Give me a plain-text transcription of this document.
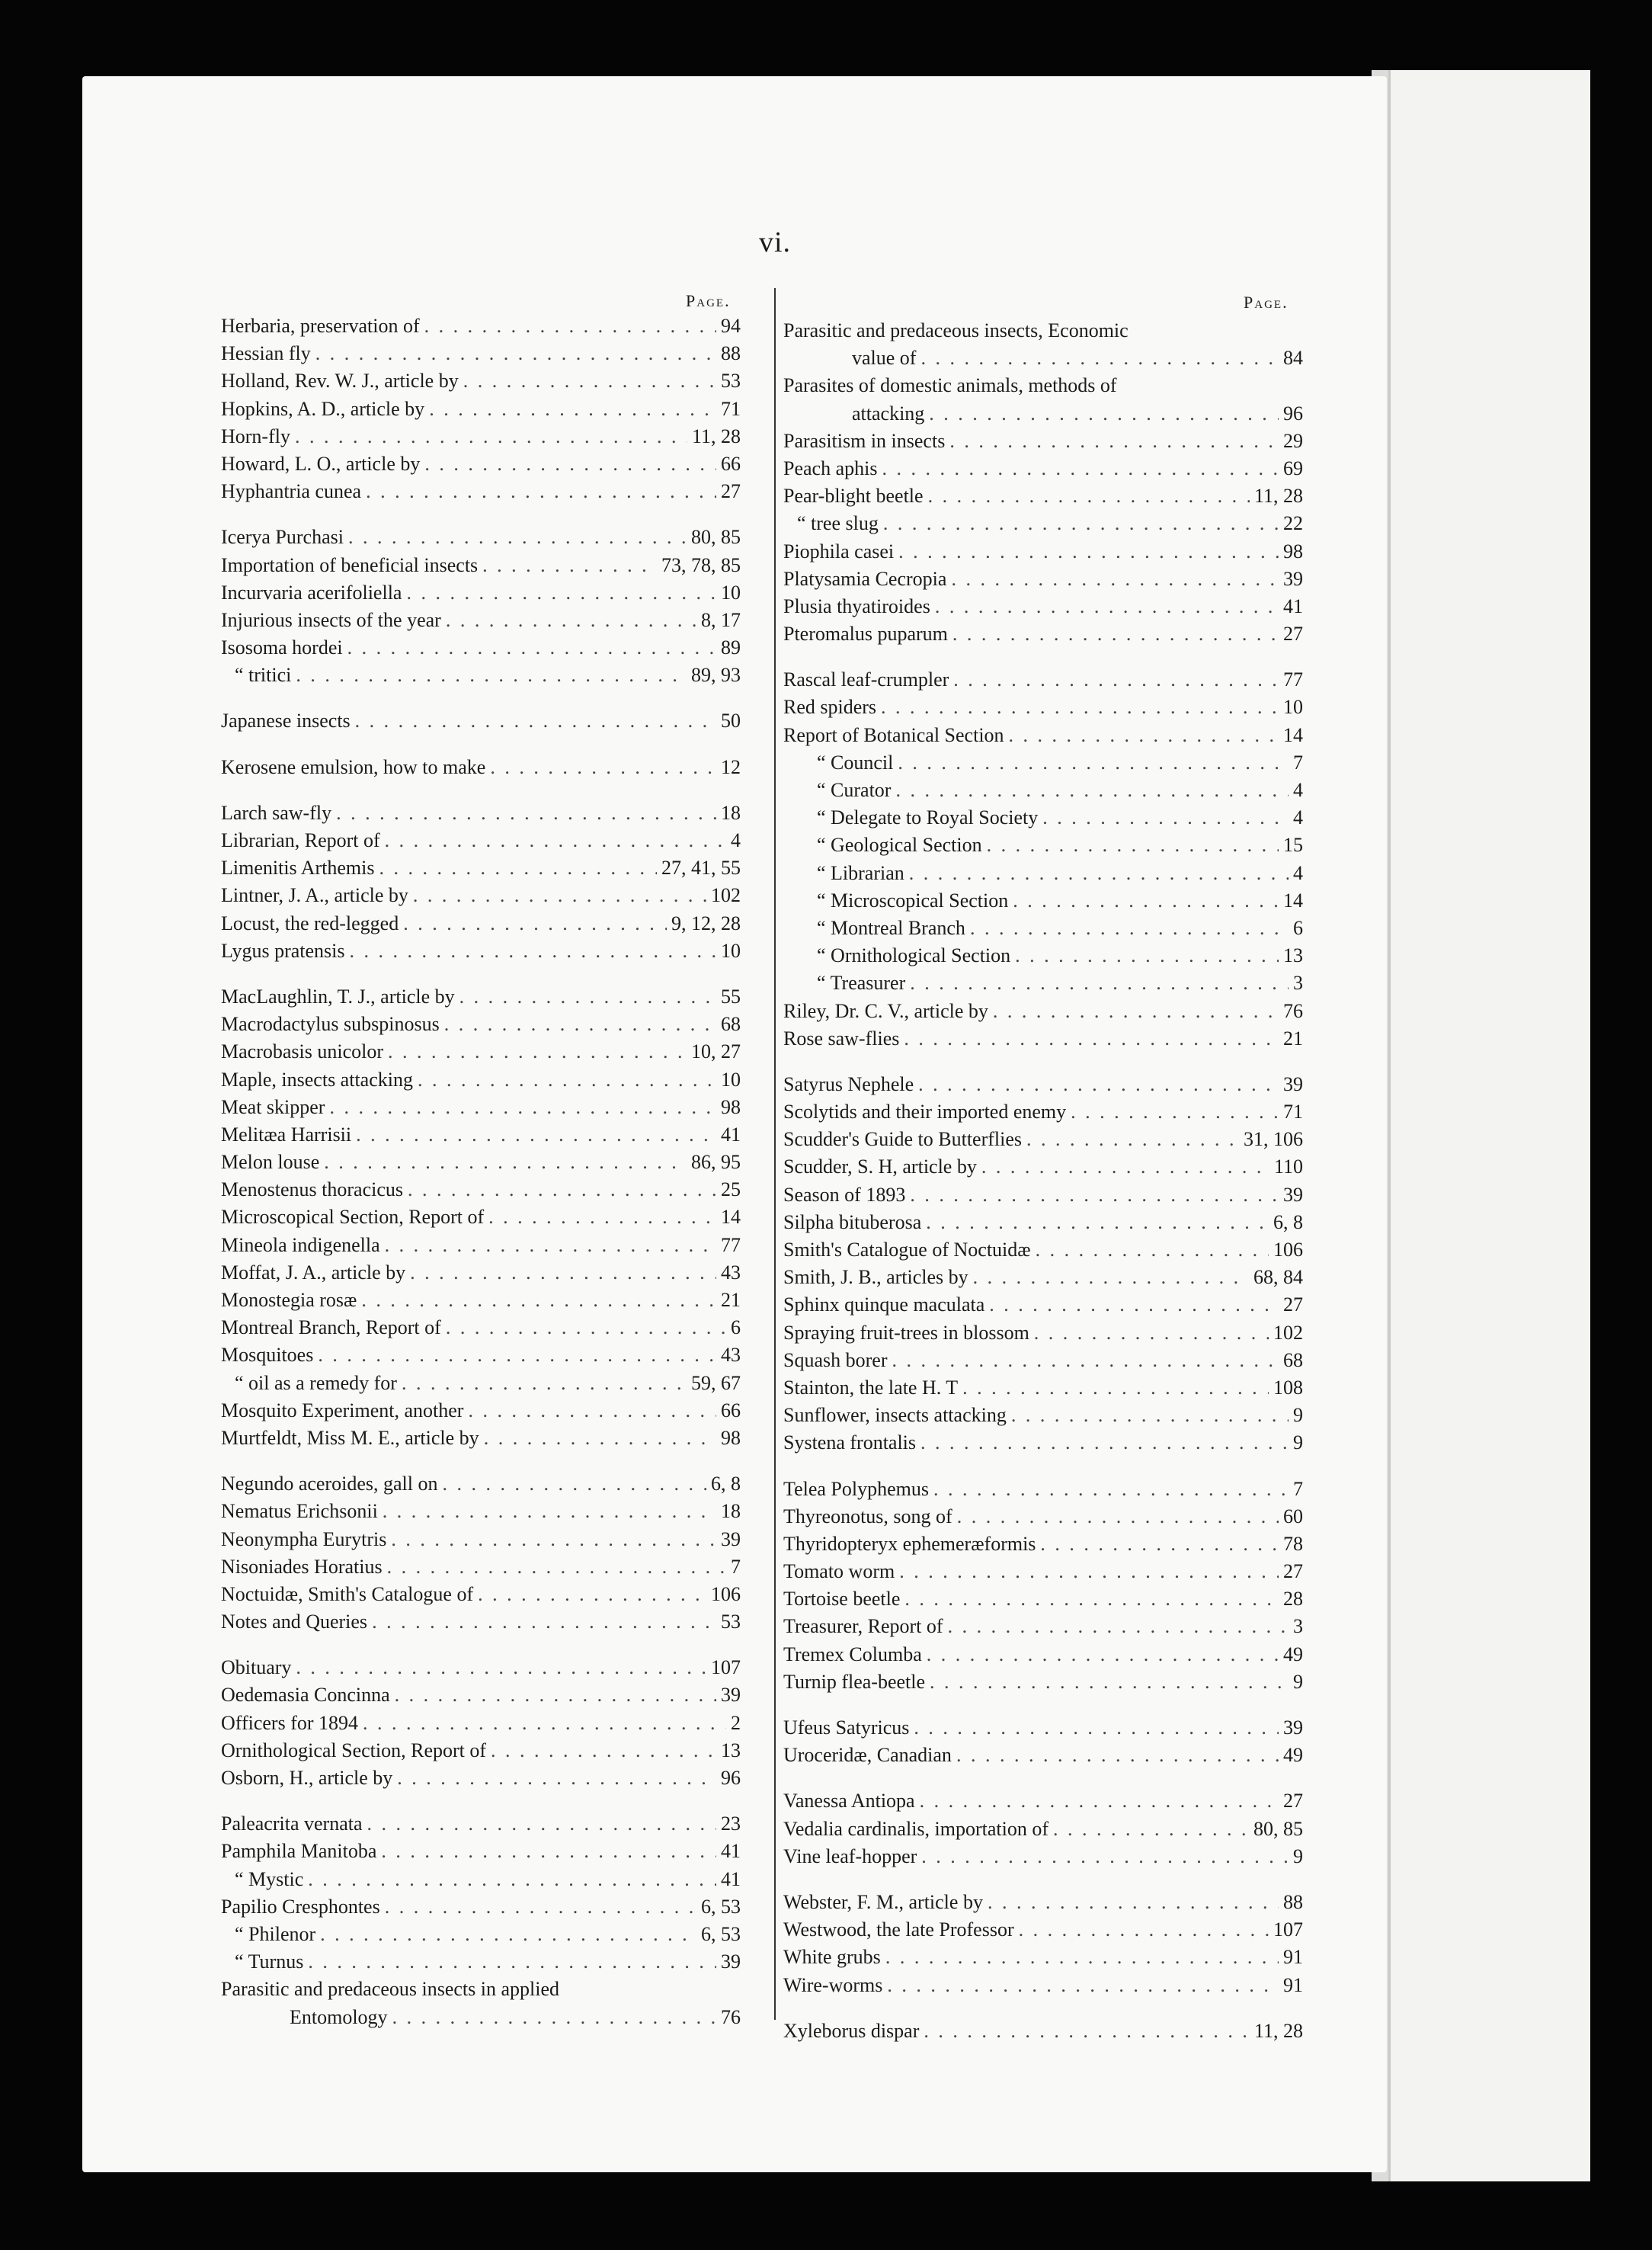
vi.
Page.
Herbaria, preservation of . . .	94
Hessian fly . . .	88
Holland, Rev. W. J., article by . . .	53
Hopkins, A. D., article by . . .	71
Horn-fly . . .	11, 28
Howard, L. O., article by . . .	66
Hyphantria cunea . . .	27
Icerya Purchasi . . .	80, 85
Importation of beneficial insects . . .	73, 78, 85
Incurvaria acerifoliella . . .	10
Injurious insects of the year . . .	8, 17
Isosoma hordei . . .	89
“ tritici . . .	89, 93
Japanese insects . . .	50
Kerosene emulsion, how to make . . .	12
Larch saw-fly . . .	18
Librarian, Report of . . .	4
Limenitis Arthemis . . .	27, 41, 55
Lintner, J. A., article by . . .	102
Locust, the red-legged . . .	9, 12, 28
Lygus pratensis . . .	10
MacLaughlin, T. J., article by . . .	55
Macrodactylus subspinosus . . .	68
Macrobasis unicolor . . .	10, 27
Maple, insects attacking . . .	10
Meat skipper . . .	98
Melitæa Harrisii . . .	41
Melon louse . . .	86, 95
Menostenus thoracicus . . .	25
Microscopical Section, Report of . . .	14
Mineola indigenella . . .	77
Moffat, J. A., article by . . .	43
Monostegia rosæ . . .	21
Montreal Branch, Report of . . .	6
Mosquitoes . . .	43
“ oil as a remedy for . . .	59, 67
Mosquito Experiment, another . . .	66
Murtfeldt, Miss M. E., article by . . .	98
Negundo aceroides, gall on . . .	6, 8
Nematus Erichsonii . . .	18
Neonympha Eurytris . . .	39
Nisoniades Horatius . . .	7
Noctuidæ, Smith's Catalogue of . . .	106
Notes and Queries . . .	53
Obituary . . .	107
Oedemasia Concinna . . .	39
Officers for 1894 . . .	2
Ornithological Section, Report of . . .	13
Osborn, H., article by . . .	96
Paleacrita vernata . . .	23
Pamphila Manitoba . . .	41
“ Mystic . . .	41
Papilio Cresphontes . . .	6, 53
“ Philenor . . .	6, 53
“ Turnus . . .	39
Parasitic and predaceous insects in applied
Entomology . . .	76
Page.
Parasitic and predaceous insects, Economic
value of . . .	84
Parasites of domestic animals, methods of
attacking . . .	96
Parasitism in insects . . .	29
Peach aphis . . .	69
Pear-blight beetle . . .	11, 28
“ tree slug . . .	22
Piophila casei . . .	98
Platysamia Cecropia . . .	39
Plusia thyatiroides . . .	41
Pteromalus puparum . . .	27
Rascal leaf-crumpler . . .	77
Red spiders . . .	10
Report of Botanical Section . . .	14
“ Council . . .	7
“ Curator . . .	4
“ Delegate to Royal Society . . .	4
“ Geological Section . . .	15
“ Librarian . . .	4
“ Microscopical Section . . .	14
“ Montreal Branch . . .	6
“ Ornithological Section . . .	13
“ Treasurer . . .	3
Riley, Dr. C. V., article by . . .	76
Rose saw-flies . . .	21
Satyrus Nephele . . .	39
Scolytids and their imported enemy . . .	71
Scudder's Guide to Butterflies . . .	31, 106
Scudder, S. H, article by . . .	110
Season of 1893 . . .	39
Silpha bituberosa . . .	6, 8
Smith's Catalogue of Noctuidæ . . .	106
Smith, J. B., articles by . . .	68, 84
Sphinx quinque maculata . . .	27
Spraying fruit-trees in blossom . . .	102
Squash borer . . .	68
Stainton, the late H. T . . .	108
Sunflower, insects attacking . . .	9
Systena frontalis . . .	9
Telea Polyphemus . . .	7
Thyreonotus, song of . . .	60
Thyridopteryx ephemeræformis . . .	78
Tomato worm . . .	27
Tortoise beetle . . .	28
Treasurer, Report of . . .	3
Tremex Columba . . .	49
Turnip flea-beetle . . .	9
Ufeus Satyricus . . .	39
Uroceridæ, Canadian . . .	49
Vanessa Antiopa . . .	27
Vedalia cardinalis, importation of . . .	80, 85
Vine leaf-hopper . . .	9
Webster, F. M., article by . . .	88
Westwood, the late Professor . . .	107
White grubs . . .	91
Wire-worms . . .	91
Xyleborus dispar . . .	11, 28
